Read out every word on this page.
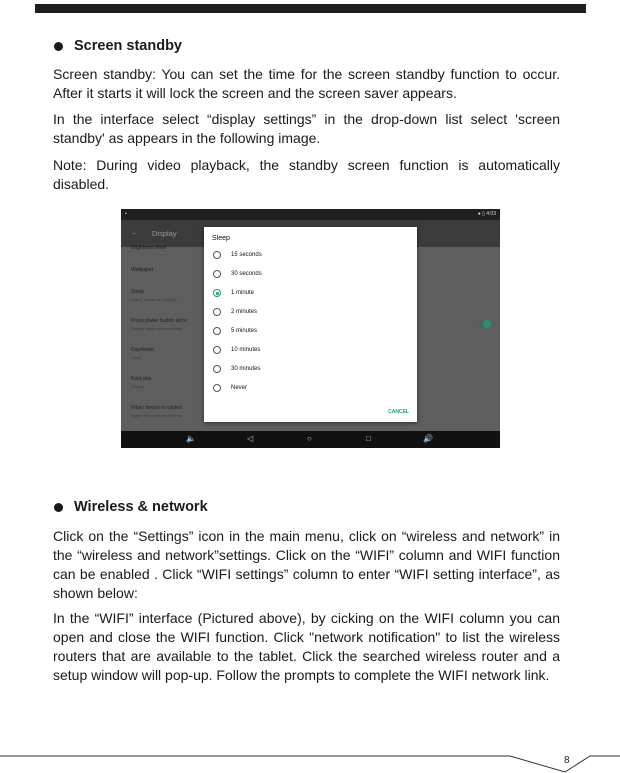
Screen standby
Screen standby: You can set the time for the screen standby function to occur. After it starts it will lock the screen and the screen saver appears.
In the interface select “display settings” in the drop-down list select 'screen standby' as appears in the following image.
Note: During video playback, the standby screen function is automatically disabled.
▪	● ▯ 4:03
← Display
Brightness level
Wallpaper
Sleep
After 1 minute of inactivity
Press power button twice
Quickly open camera without
Daydream
Clock
Font size
Normal
When device is rotated
Rotate the contents of the sc
🔈	◁	○	□	🔊
Sleep
15 seconds
30 seconds
1 minute
2 minutes
5 minutes
10 minutes
30 minutes
Never
CANCEL
Wireless & network
Click on the “Settings” icon in the main menu, click on “wireless and network” in the “wireless and network”settings. Click on the “WIFI” column and WIFI function can be enabled . Click “WIFI settings” column to enter “WIFI setting interface”, as shown below:
In the “WIFI” interface (Pictured above), by cicking on the WIFI column you can open and close the WIFI function. Click "network notification" to list the wireless routers that are available to the tablet. Click the searched wireless router and a setup window will pop-up. Follow the prompts to complete the WIFI network link.
8
